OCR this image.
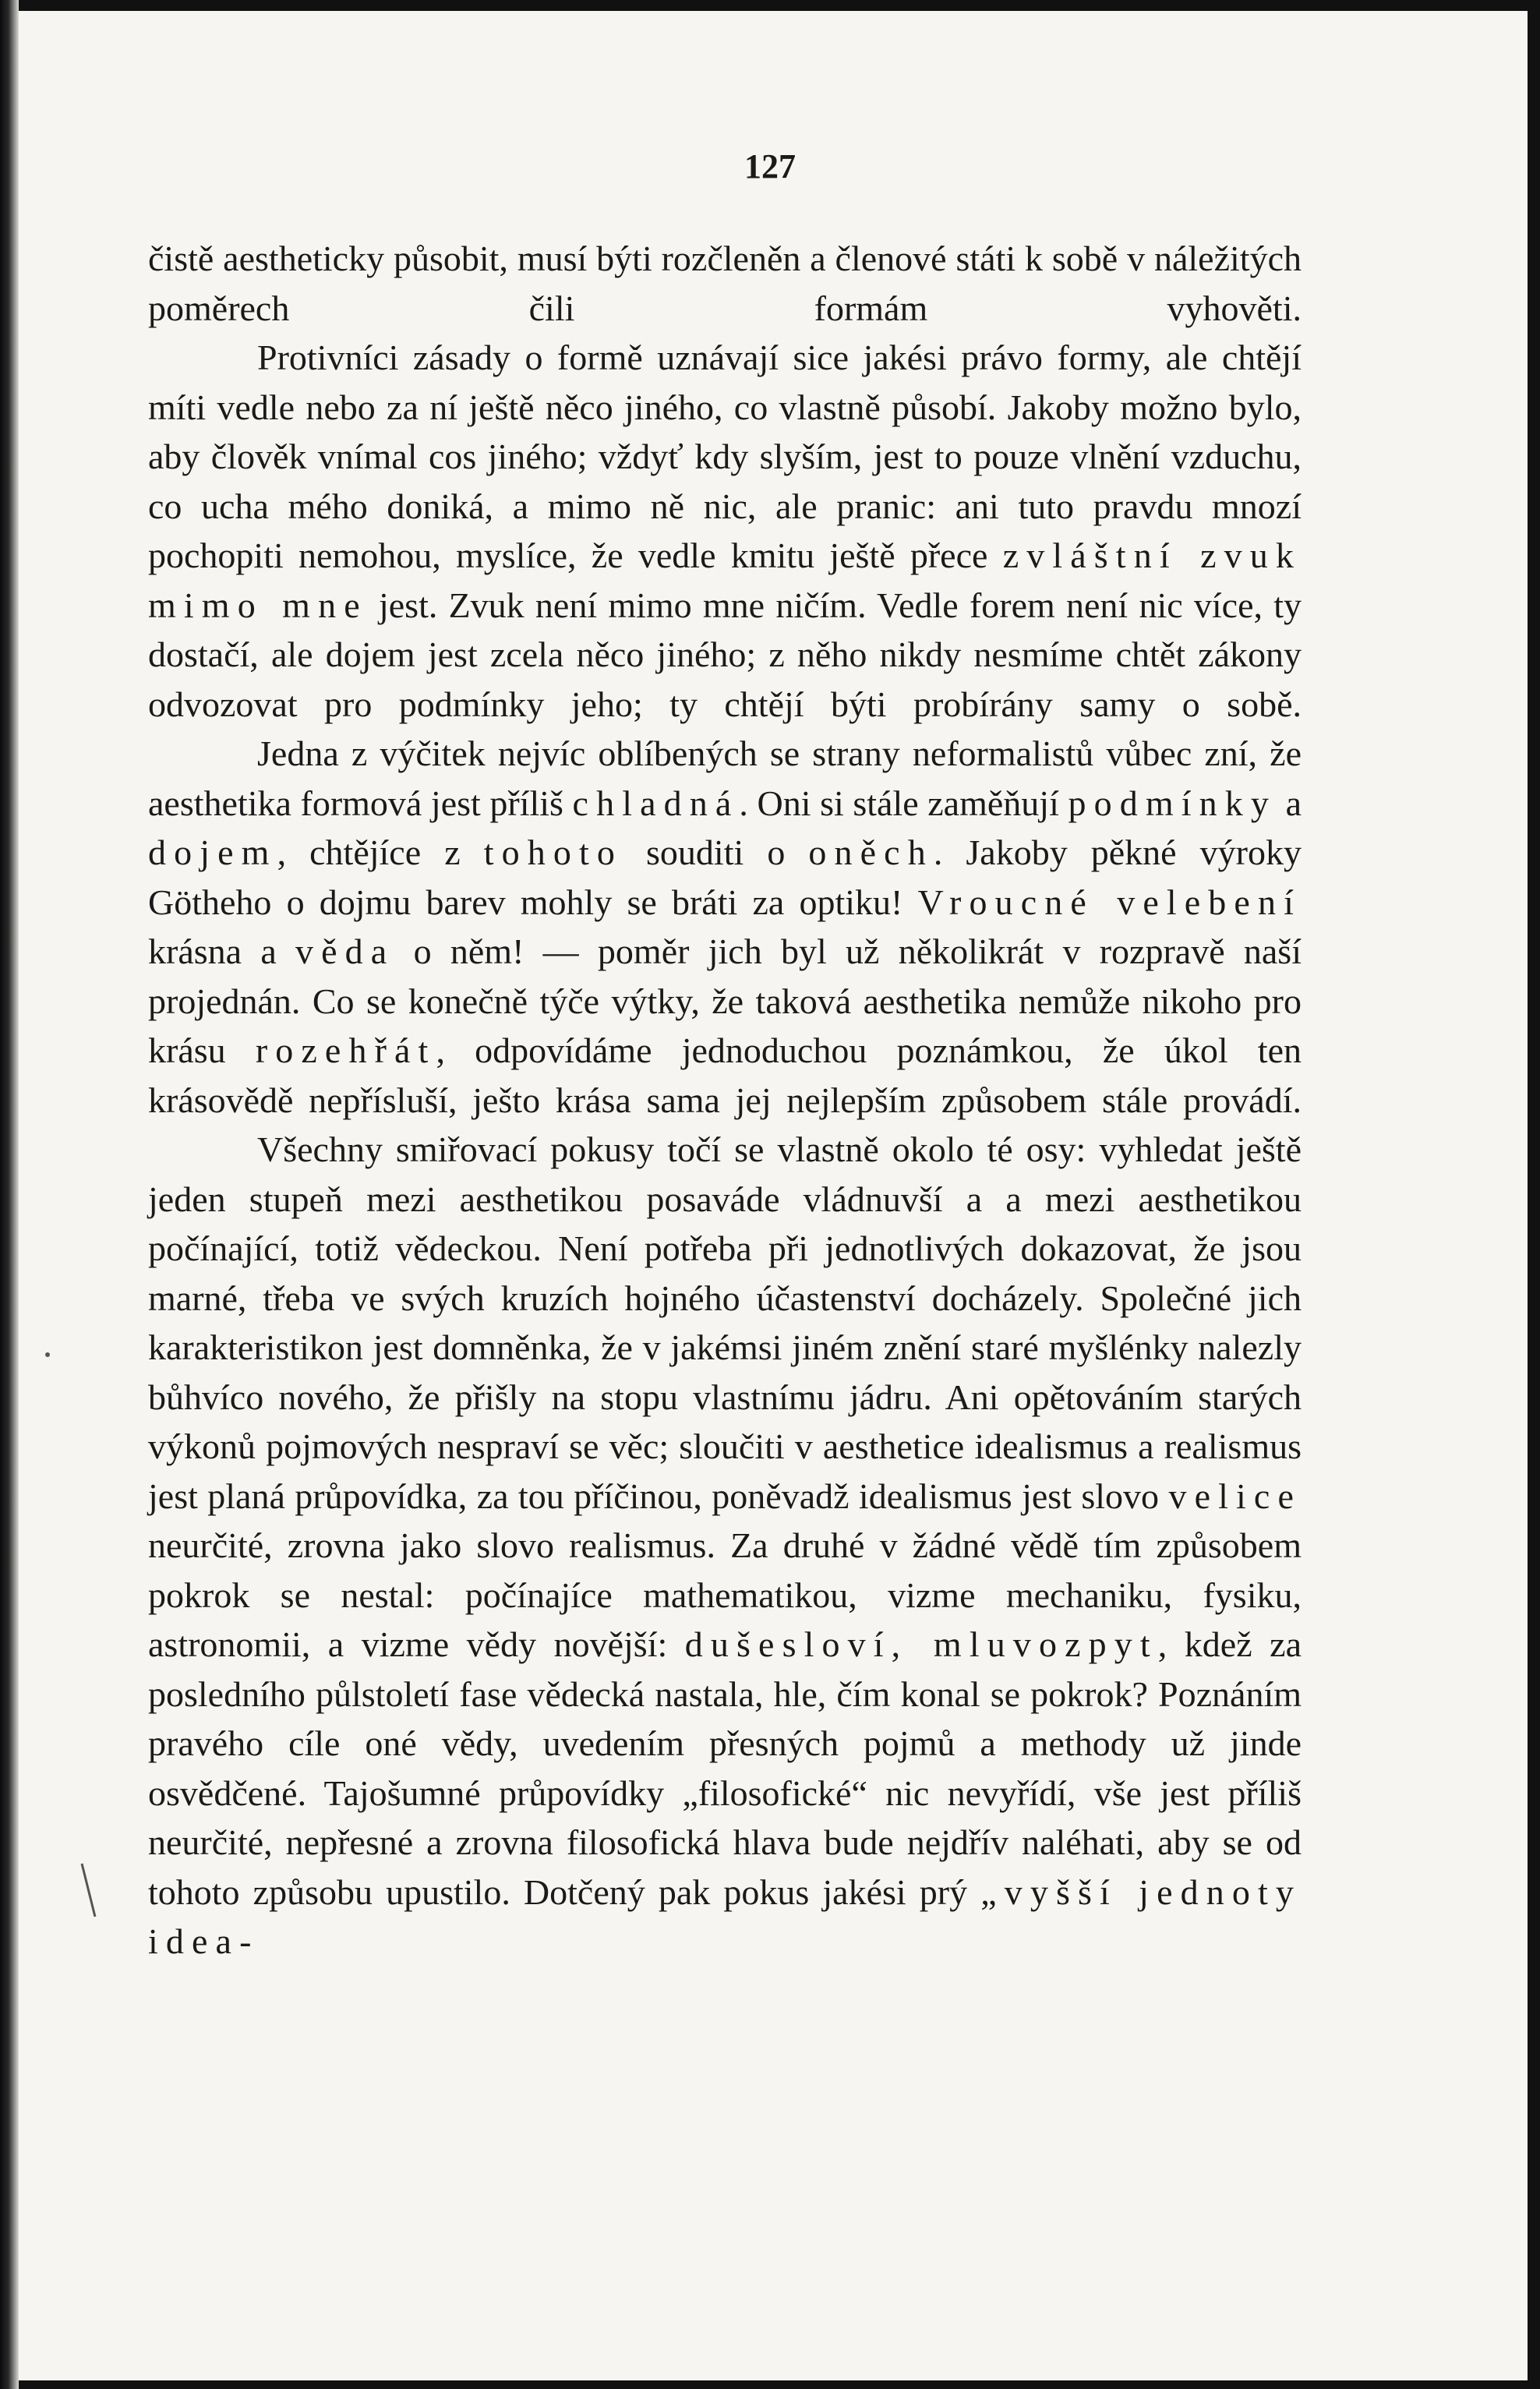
127

čistě aestheticky působit, musí býti rozčleněn a členové státi k sobě v náležitých poměrech čili formám vyhověti.

Protivníci zásady o formě uznávají sice jakési právo formy, ale chtějí míti vedle nebo za ní ještě něco jiného, co vlastně působí. Jakoby možno bylo, aby člověk vnímal cos jiného; vždyť kdy slyším, jest to pouze vlnění vzduchu, co ucha mého doniká, a mimo ně nic, ale pranic: ani tuto pravdu mnozí pochopiti nemohou, myslíce, že vedle kmitu ještě přece zvláštní zvuk mimo mne jest. Zvuk není mimo mne ničím. Vedle forem není nic více, ty dostačí, ale dojem jest zcela něco jiného; z něho nikdy nesmíme chtět zákony odvozovat pro podmínky jeho; ty chtějí býti probírány samy o sobě.

Jedna z výčitek nejvíc oblíbených se strany neformalistů vůbec zní, že aesthetika formová jest příliš chladná. Oni si stále zaměňují podmínky a dojem, chtějíce z tohoto souditi o oněch. Jakoby pěkné výroky Götheho o dojmu barev mohly se bráti za optiku! Vroucné velebení krásna a věda o něm! — poměr jich byl už několikrát v rozpravě naší projednán. Co se konečně týče výtky, že taková aesthetika nemůže nikoho pro krásu rozehřát, odpovídáme jednoduchou poznámkou, že úkol ten krásovědě nepřísluší, ješto krása sama jej nejlepším způsobem stále provádí.

Všechny smiřovací pokusy točí se vlastně okolo té osy: vyhledat ještě jeden stupeň mezi aesthetikou posaváde vládnuvší a a mezi aesthetikou počínající, totiž vědeckou. Není potřeba při jednotlivých dokazovat, že jsou marné, třeba ve svých kruzích hojného účastenství docházely. Společné jich karakteristikon jest domněnka, že v jakémsi jiném znění staré myšlénky nalezly bůhvíco nového, že přišly na stopu vlastnímu jádru. Ani opětováním starých výkonů pojmových nespraví se věc; sloučiti v aesthetice idealismus a realismus jest planá průpovídka, za tou příčinou, poněvadž idealismus jest slovo velice neurčité, zrovna jako slovo realismus. Za druhé v žádné vědě tím způsobem pokrok se nestal: počínajíce mathematikou, vizme mechaniku, fysiku, astronomii, a vizme vědy novější: dušesloví, mluvozpyt, kdež za posledního půlstoletí fase vědecká nastala, hle, čím konal se pokrok? Poznáním pravého cíle oné vědy, uvedením přesných pojmů a methody už jinde osvědčené. Tajošumné průpovídky „filosofické“ nic nevyřídí, vše jest příliš neurčité, nepřesné a zrovna filosofická hlava bude nejdřív naléhati, aby se od tohoto způsobu upustilo. Dotčený pak pokus jakési prý „vyšší jednoty idea-
